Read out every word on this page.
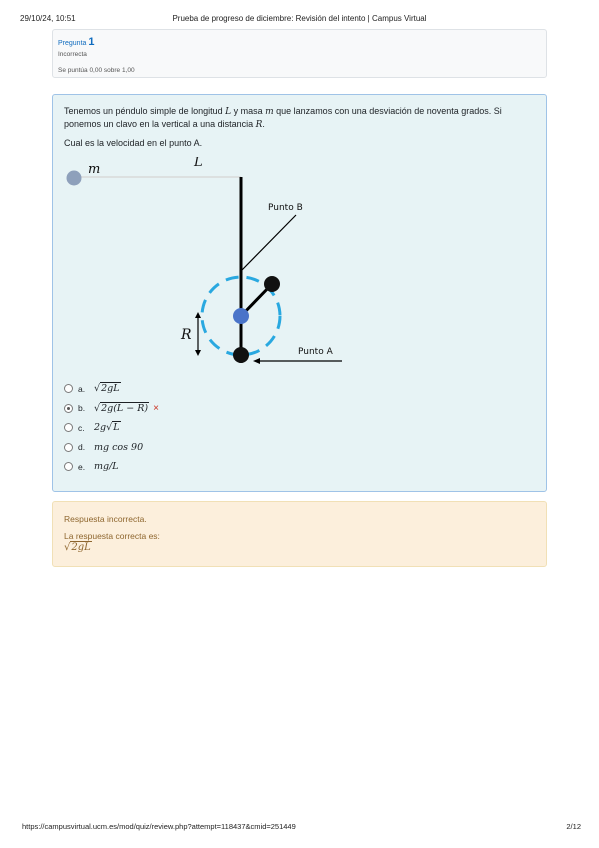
29/10/24, 10:51	Prueba de progreso de diciembre: Revisión del intento | Campus Virtual
Pregunta 1
Incorrecta
Se puntúa 0,00 sobre 1,00
Tenemos un péndulo simple de longitud L y masa m que lanzamos con una desviación de noventa grados. Si ponemos un clavo en la vertical a una distancia R.
Cual es la velocidad en el punto A.
m	L
Punto B
Punto A
R
a. √2gL
b. √2g(L − R) ×
c. 2g√L
d. mg cos 90
e. mg/L
Respuesta incorrecta.
La respuesta correcta es:
√2gL
https://campusvirtual.ucm.es/mod/quiz/review.php?attempt=118437&cmid=251449	2/12
